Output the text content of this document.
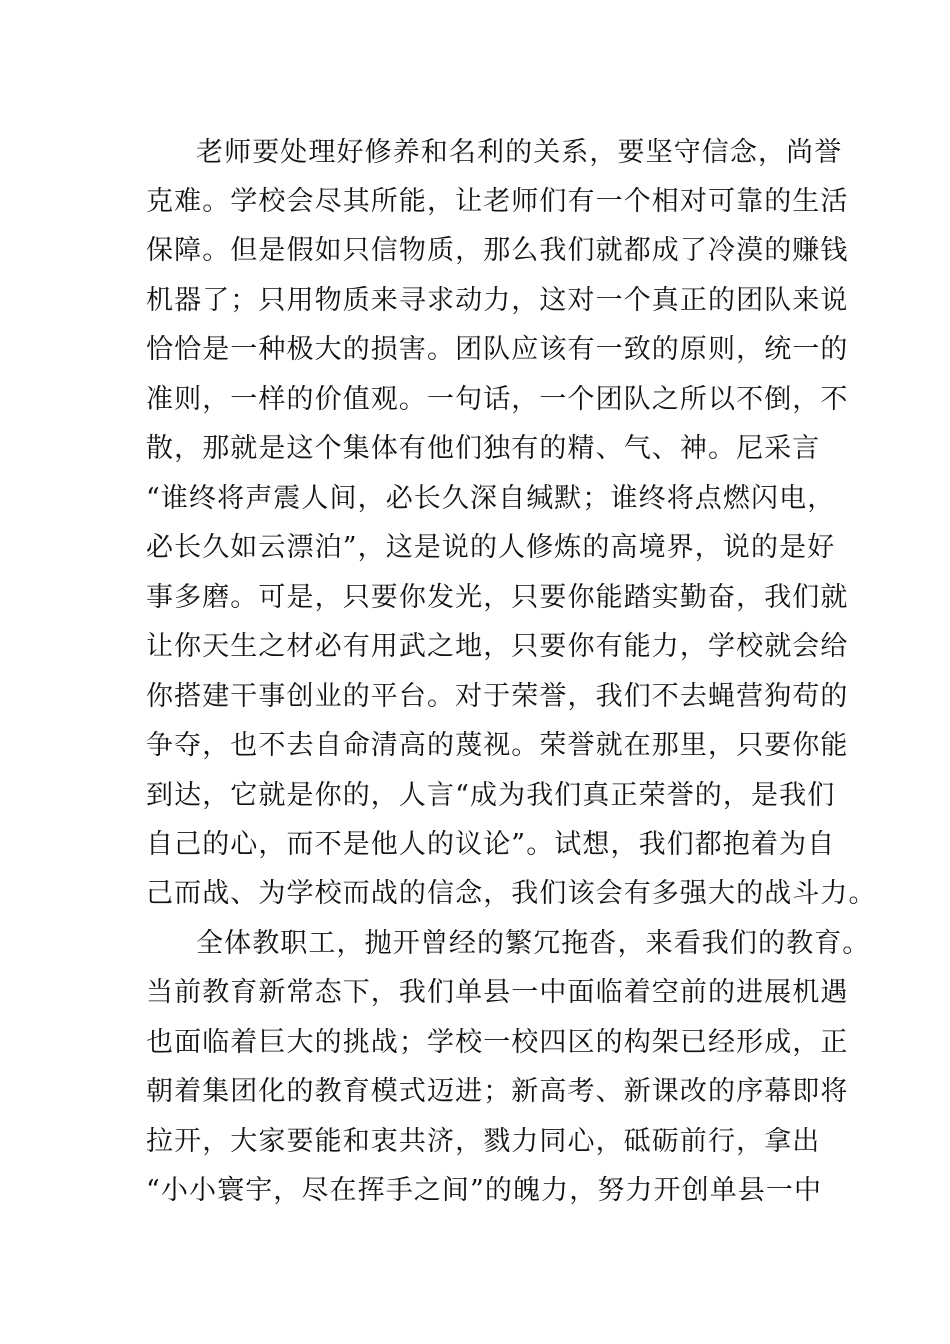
老师要处理好修养和名利的关系，要坚守信念，尚誉
克难。学校会尽其所能，让老师们有一个相对可靠的生活
保障。但是假如只信物质，那么我们就都成了冷漠的赚钱
机器了；只用物质来寻求动力，这对一个真正的团队来说
恰恰是一种极大的损害。团队应该有一致的原则，统一的
准则，一样的价值观。一句话，一个团队之所以不倒，不
散，那就是这个集体有他们独有的精、气、神。尼采言
“谁终将声震人间，必长久深自缄默；谁终将点燃闪电，
必长久如云漂泊”，这是说的人修炼的高境界，说的是好
事多磨。可是，只要你发光，只要你能踏实勤奋，我们就
让你天生之材必有用武之地，只要你有能力，学校就会给
你搭建干事创业的平台。对于荣誉，我们不去蝇营狗苟的
争夺，也不去自命清高的蔑视。荣誉就在那里，只要你能
到达，它就是你的，人言“成为我们真正荣誉的，是我们
自己的心，而不是他人的议论”。试想，我们都抱着为自
己而战、为学校而战的信念，我们该会有多强大的战斗力。
全体教职工，抛开曾经的繁冗拖沓，来看我们的教育。
当前教育新常态下，我们单县一中面临着空前的进展机遇
也面临着巨大的挑战；学校一校四区的构架已经形成，正
朝着集团化的教育模式迈进；新高考、新课改的序幕即将
拉开，大家要能和衷共济，戮力同心，砥砺前行，拿出
“小小寰宇，尽在挥手之间”的魄力，努力开创单县一中
